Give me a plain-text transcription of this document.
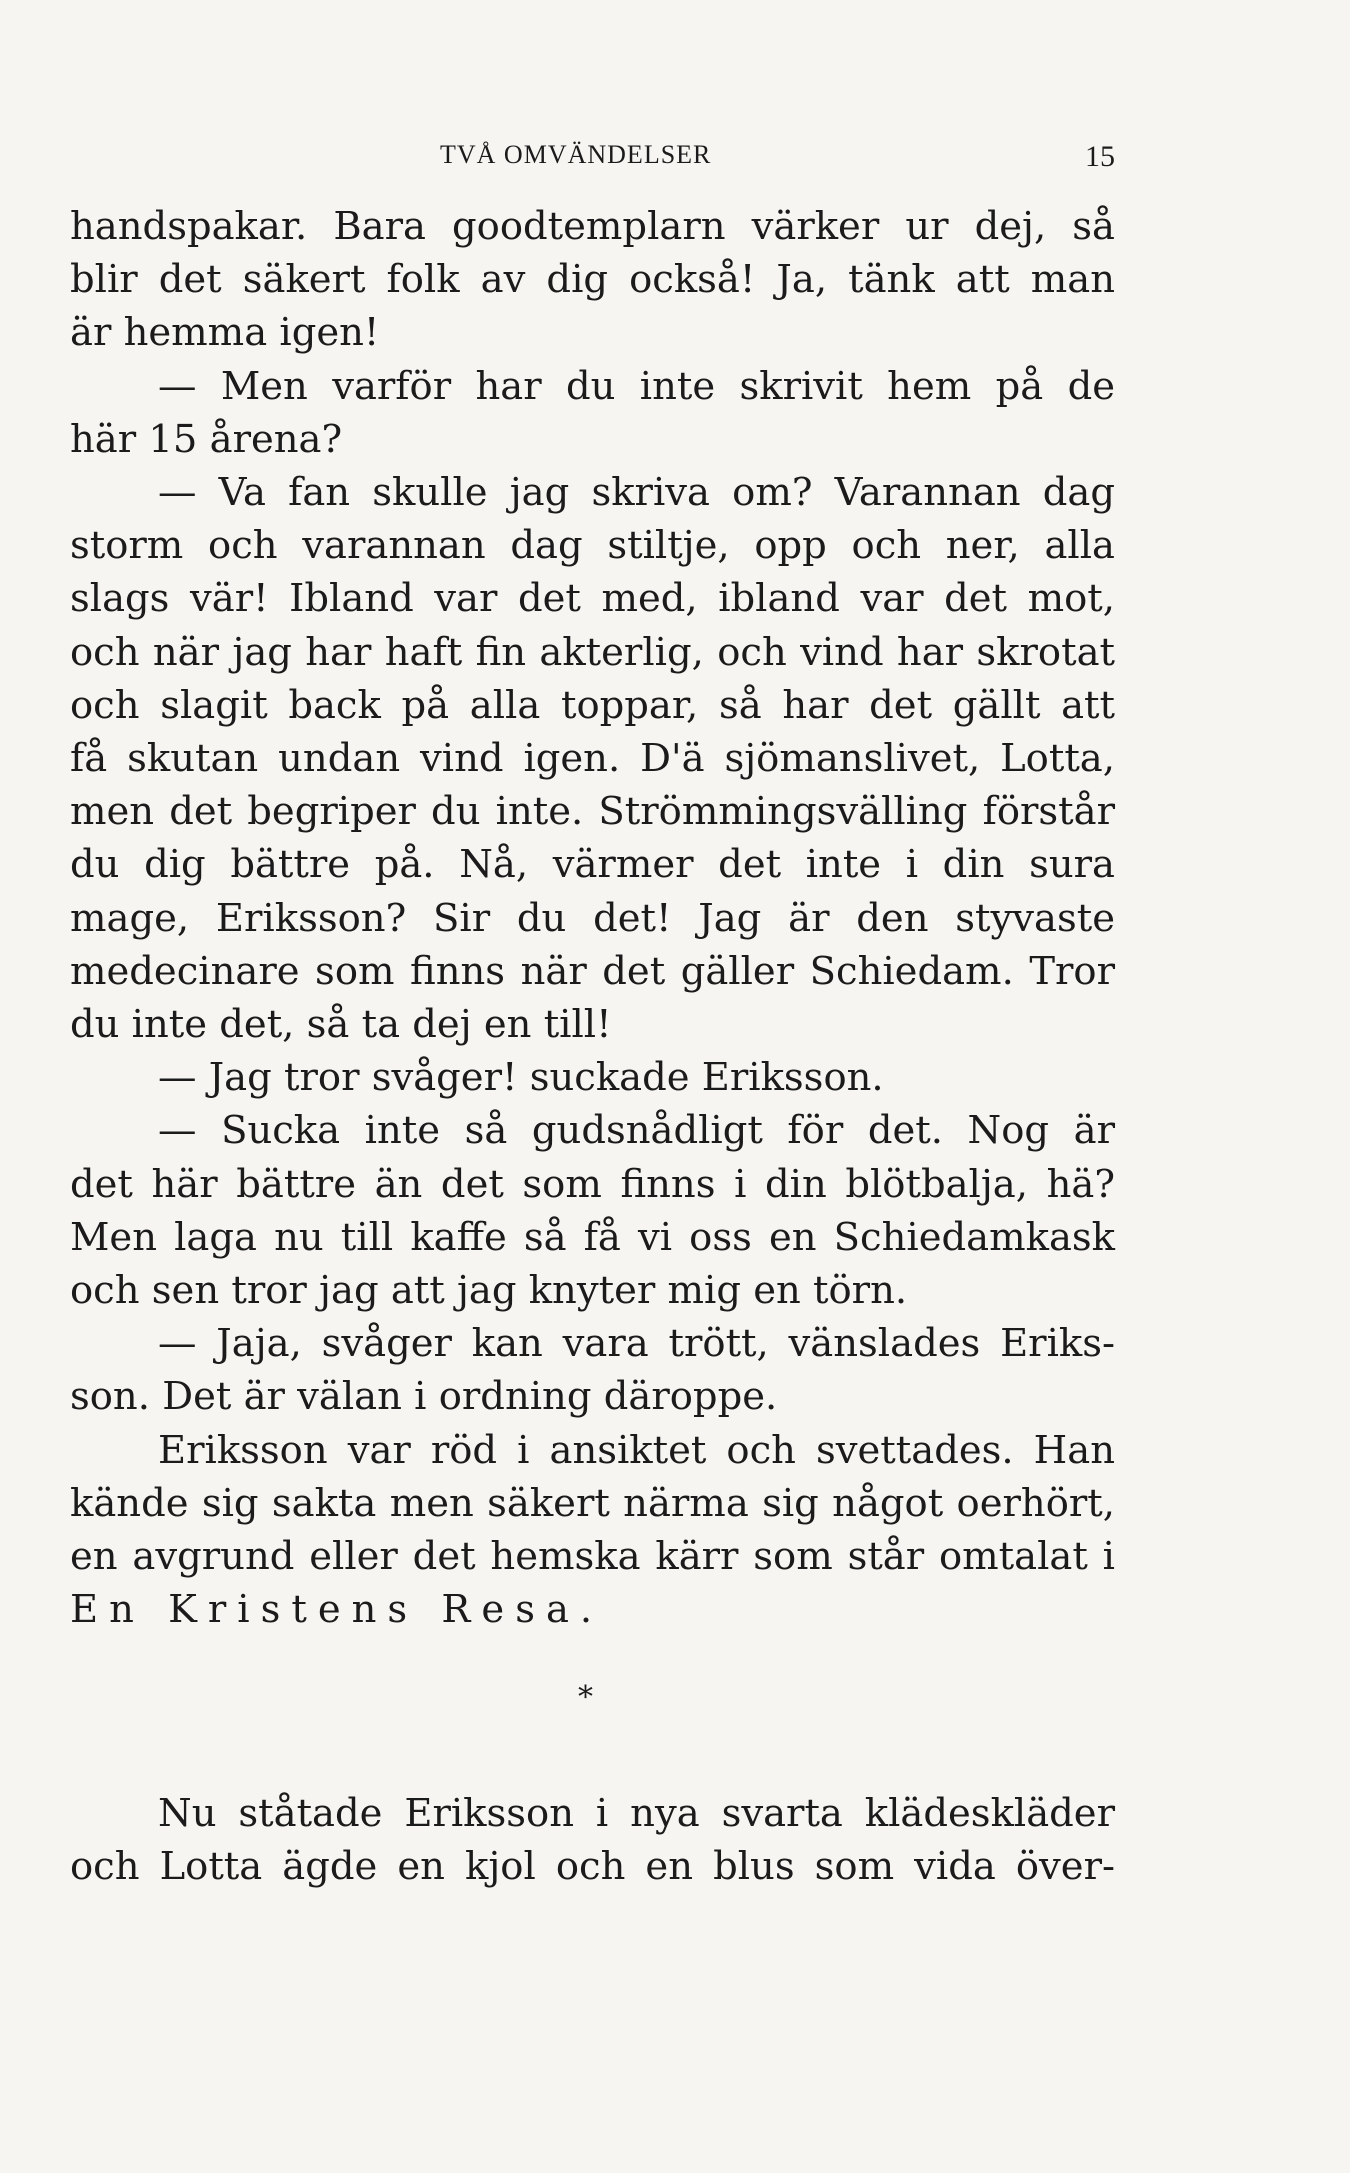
TVÅ OMVÄNDELSER	15
handspakar. Bara goodtemplarn värker ur dej, så
blir det säkert folk av dig också! Ja, tänk att man
är hemma igen!
— Men varför har du inte skrivit hem på de
här 15 årena?
— Va fan skulle jag skriva om? Varannan dag
storm och varannan dag stiltje, opp och ner, alla
slags vär! Ibland var det med, ibland var det mot,
och när jag har haft fin akterlig, och vind har skrotat
och slagit back på alla toppar, så har det gällt att
få skutan undan vind igen. D'ä sjömanslivet, Lotta,
men det begriper du inte. Strömmingsvälling förstår
du dig bättre på. Nå, värmer det inte i din sura
mage, Eriksson? Sir du det! Jag är den styvaste
medecinare som finns när det gäller Schiedam. Tror
du inte det, så ta dej en till!
— Jag tror svåger! suckade Eriksson.
— Sucka inte så gudsnådligt för det. Nog är
det här bättre än det som finns i din blötbalja, hä?
Men laga nu till kaffe så få vi oss en Schiedamkask
och sen tror jag att jag knyter mig en törn.
— Jaja, svåger kan vara trött, vänslades Eriks-
son. Det är välan i ordning däroppe.
Eriksson var röd i ansiktet och svettades. Han
kände sig sakta men säkert närma sig något oerhört,
en avgrund eller det hemska kärr som står omtalat i
En Kristens Resa.
*
Nu ståtade Eriksson i nya svarta klädeskläder
och Lotta ägde en kjol och en blus som vida över-
